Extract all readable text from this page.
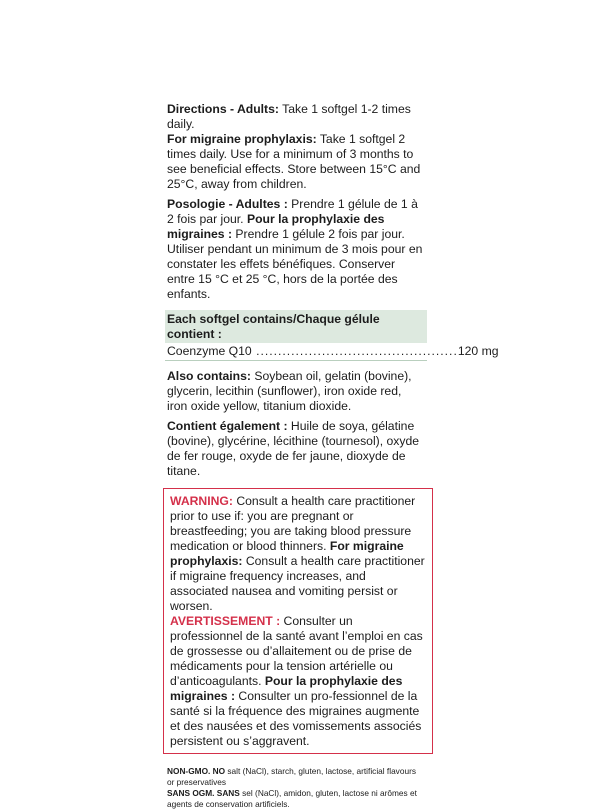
Directions - Adults: Take 1 softgel 1-2 times daily.
For migraine prophylaxis: Take 1 softgel 2 times daily. Use for a minimum of 3 months to see beneficial effects. Store between 15°C and 25°C, away from children.

Posologie - Adultes : Prendre 1 gélule de 1 à 2 fois par jour. Pour la prophylaxie des migraines : Prendre 1 gélule 2 fois par jour. Utiliser pendant un minimum de 3 mois pour en constater les effets bénéfiques. Conserver entre 15 °C et 25 °C, hors de la portée des enfants.

Each softgel contains/Chaque gélule contient :
Coenzyme Q10 .............................................. 120 mg

Also contains: Soybean oil, gelatin (bovine), glycerin, lecithin (sunflower), iron oxide red, iron oxide yellow, titanium dioxide.

Contient également : Huile de soya, gélatine (bovine), glycérine, lécithine (tournesol), oxyde de fer rouge, oxyde de fer jaune, dioxyde de titane.

WARNING: Consult a health care practitioner prior to use if: you are pregnant or breastfeeding; you are taking blood pressure medication or blood thinners. For migraine prophylaxis: Consult a health care practitioner if migraine frequency increases, and associated nausea and vomiting persist or worsen.

AVERTISSEMENT : Consulter un professionnel de la santé avant l’emploi en cas de grossesse ou d’allaitement ou de prise de médicaments pour la tension artérielle ou d’anticoagulants. Pour la prophylaxie des migraines : Consulter un pro-fessionnel de la santé si la fréquence des migraines augmente et des nausées et des vomissements associés persistent ou s’aggravent.

NON-GMO. NO salt (NaCl), starch, gluten, lactose, artificial flavours or preservatives

SANS OGM. SANS sel (NaCl), amidon, gluten, lactose ni arômes et agents de conservation artificiels.
